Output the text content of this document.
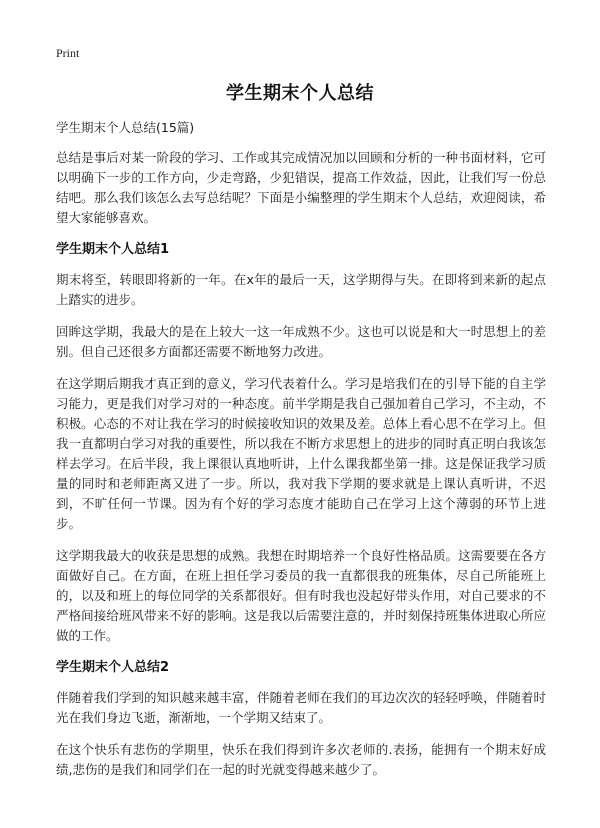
Print
学生期末个人总结

学生期末个人总结(15篇)

总结是事后对某一阶段的学习、工作或其完成情况加以回顾和分析的一种书面材料，它可以明确下一步的工作方向，少走弯路，少犯错误，提高工作效益，因此，让我们写一份总结吧。那么我们该怎么去写总结呢？下面是小编整理的学生期末个人总结，欢迎阅读，希望大家能够喜欢。

学生期末个人总结1

期末将至，转眼即将新的一年。在x年的最后一天，这学期得与失。在即将到来新的起点上踏实的进步。

回眸这学期，我最大的是在上较大一这一年成熟不少。这也可以说是和大一时思想上的差别。但自己还很多方面都还需要不断地努力改进。

在这学期后期我才真正到的意义，学习代表着什么。学习是培我们在的引导下能的自主学习能力，更是我们对学习对的一种态度。前半学期是我自己强加着自己学习，不主动，不积极。心态的不对让我在学习的时候接收知识的效果及差。总体上看心思不在学习上。但我一直都明白学习对我的重要性，所以我在不断方求思想上的进步的同时真正明白我该怎样去学习。在后半段，我上课很认真地听讲，上什么课我都坐第一排。这是保证我学习质量的同时和老师距离又进了一步。所以，我对我下学期的要求就是上课认真听讲，不迟到，不旷任何一节课。因为有个好的学习态度才能助自己在学习上这个薄弱的环节上进步。

这学期我最大的收获是思想的成熟。我想在时期培养一个良好性格品质。这需要要在各方面做好自己。在方面，在班上担任学习委员的我一直都很我的班集体，尽自己所能班上的，以及和班上的每位同学的关系都很好。但有时我也没起好带头作用，对自己要求的不严格间接给班风带来不好的影响。这是我以后需要注意的，并时刻保持班集体进取心所应做的工作。

学生期末个人总结2

伴随着我们学到的知识越来越丰富，伴随着老师在我们的耳边次次的轻轻呼唤，伴随着时光在我们身边飞逝，渐渐地，一个学期又结束了。

在这个快乐有悲伤的学期里，快乐在我们得到许多次老师的.表扬，能拥有一个期末好成绩,悲伤的是我们和同学们在一起的时光就变得越来越少了。
